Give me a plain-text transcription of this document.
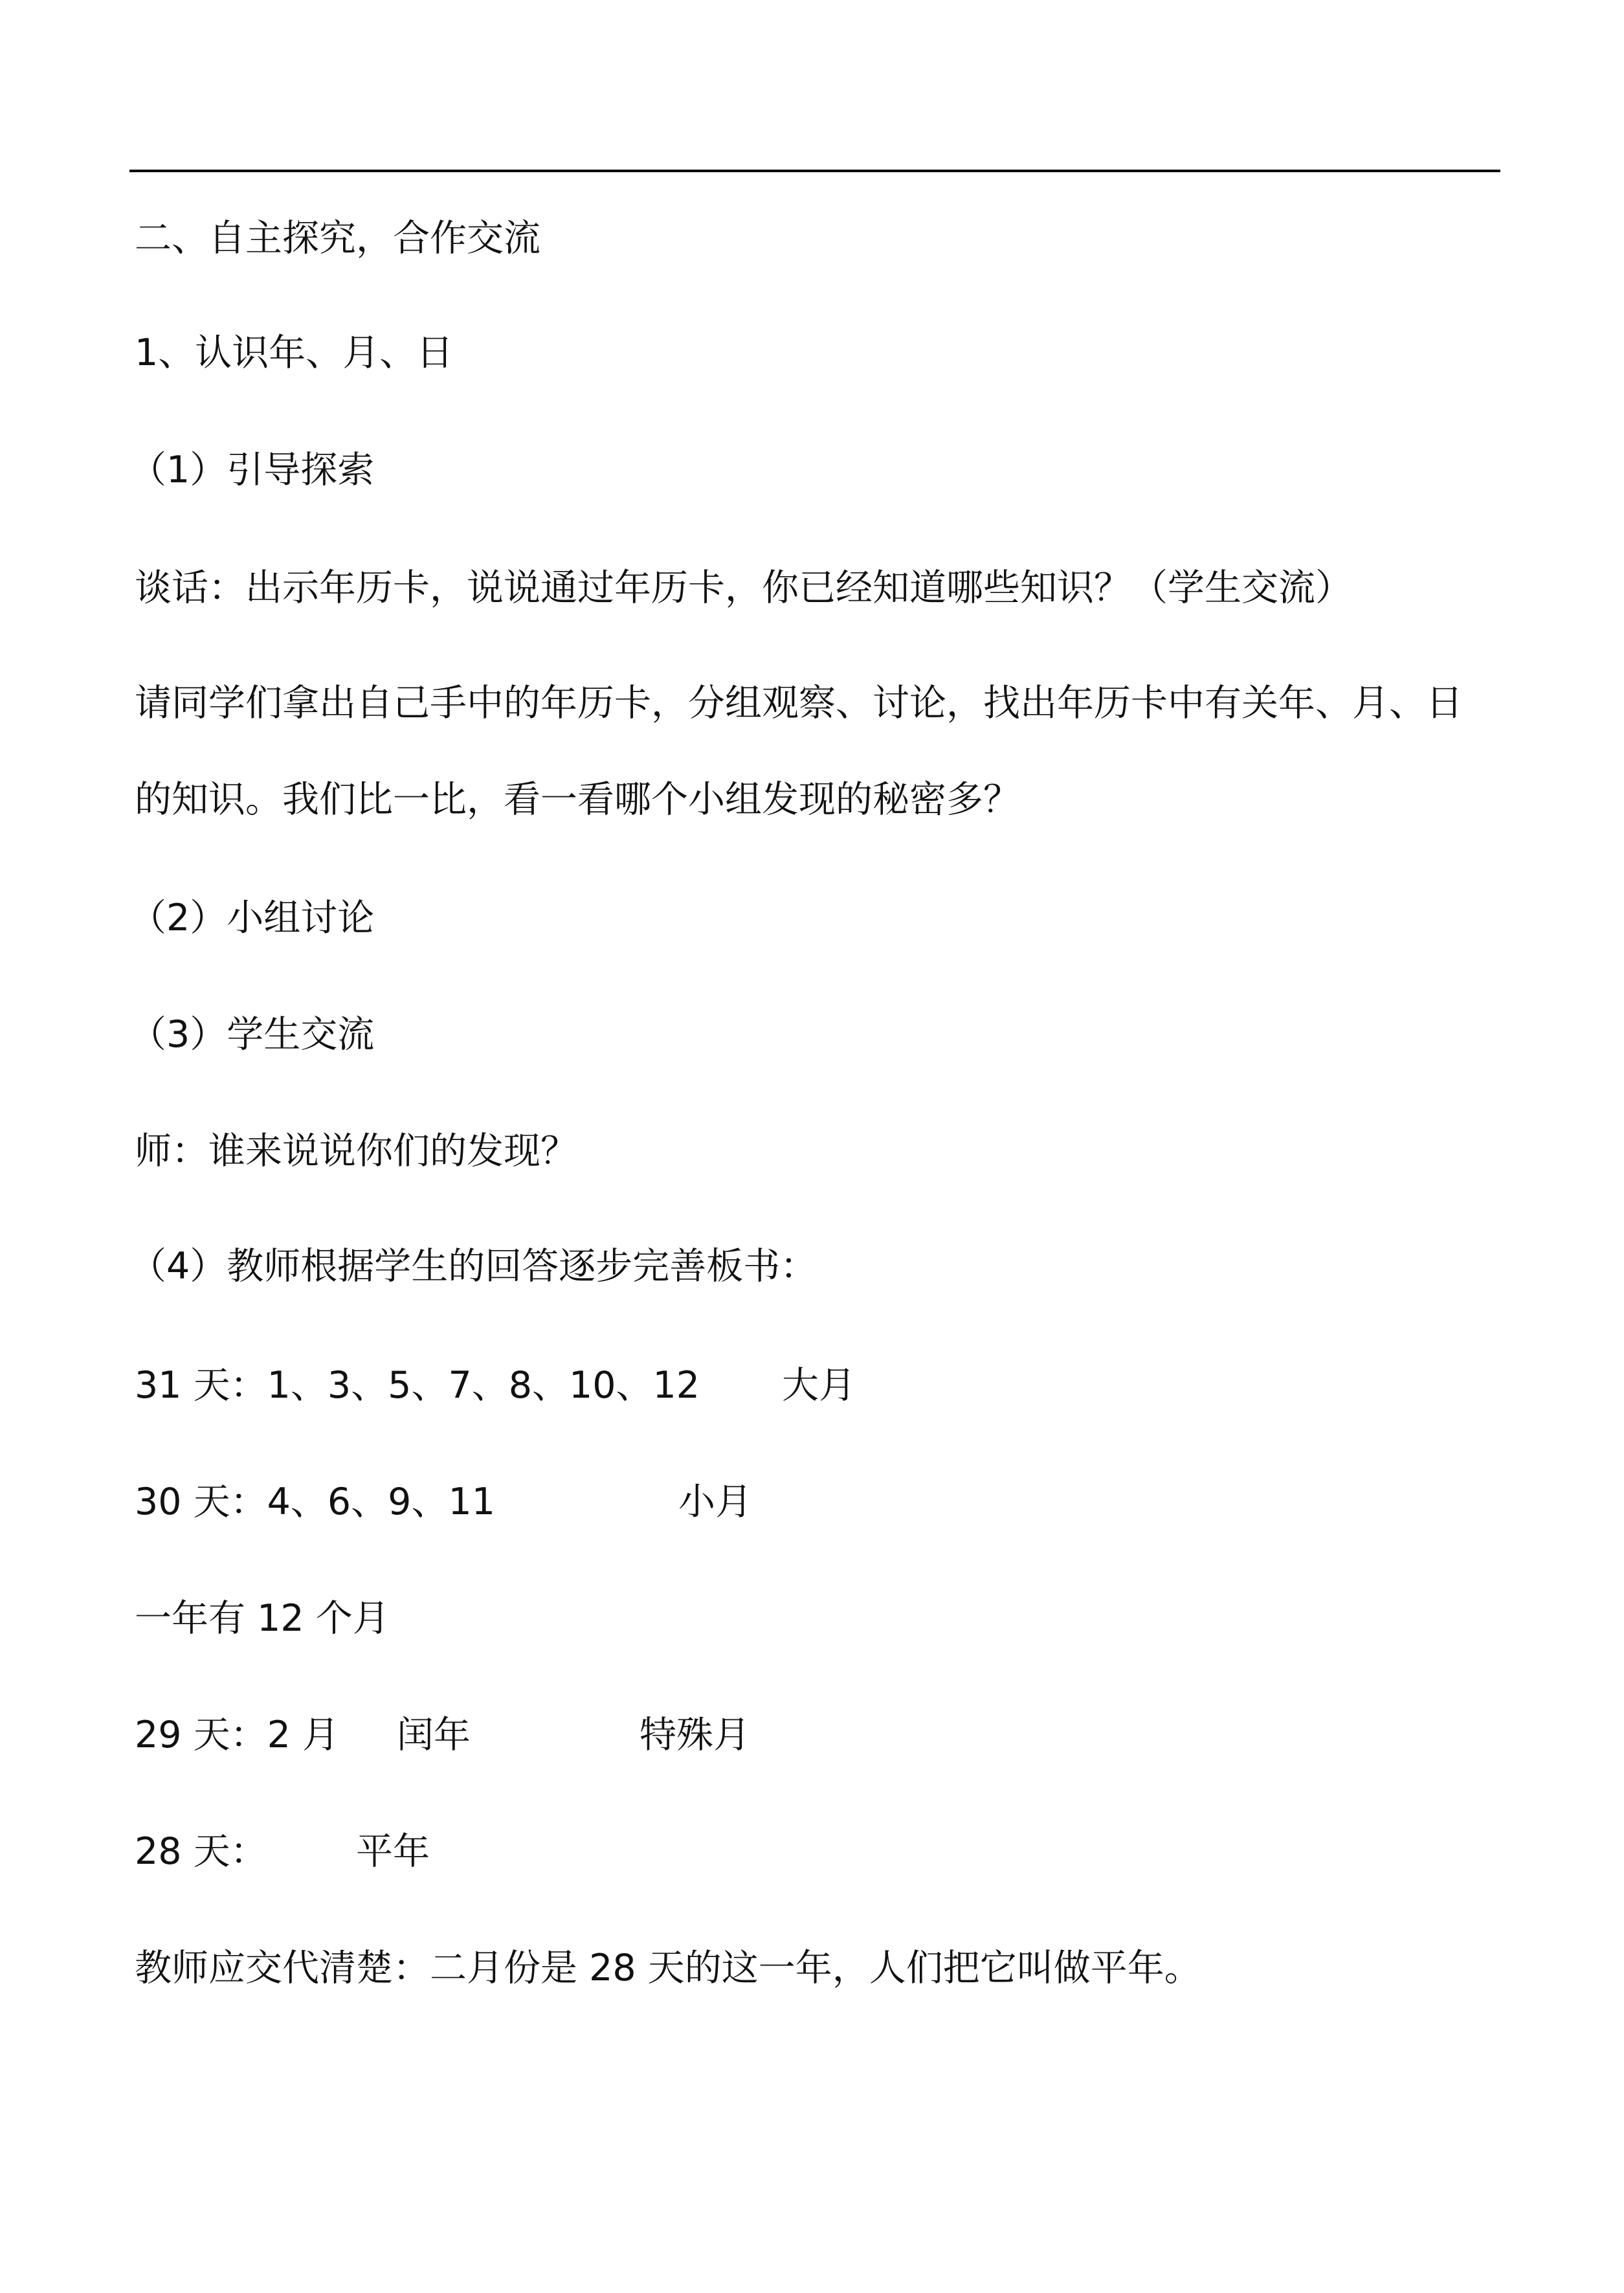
二、自主探究，合作交流
1、认识年、月、日
（1）引导探索
谈话：出示年历卡，说说通过年历卡，你已经知道哪些知识？（学生交流）
请同学们拿出自己手中的年历卡，分组观察、讨论，找出年历卡中有关年、月、日
的知识。我们比一比，看一看哪个小组发现的秘密多？
（2）小组讨论
（3）学生交流
师：谁来说说你们的发现？
（4）教师根据学生的回答逐步完善板书：
31 天：1、3、5、7、8、10、12 大月
30 天：4、6、9、11	小月
一年有 12 个月
29 天：2 月 闰年	特殊月
28 天： 平年
教师应交代清楚：二月份是 28 天的这一年，人们把它叫做平年。
